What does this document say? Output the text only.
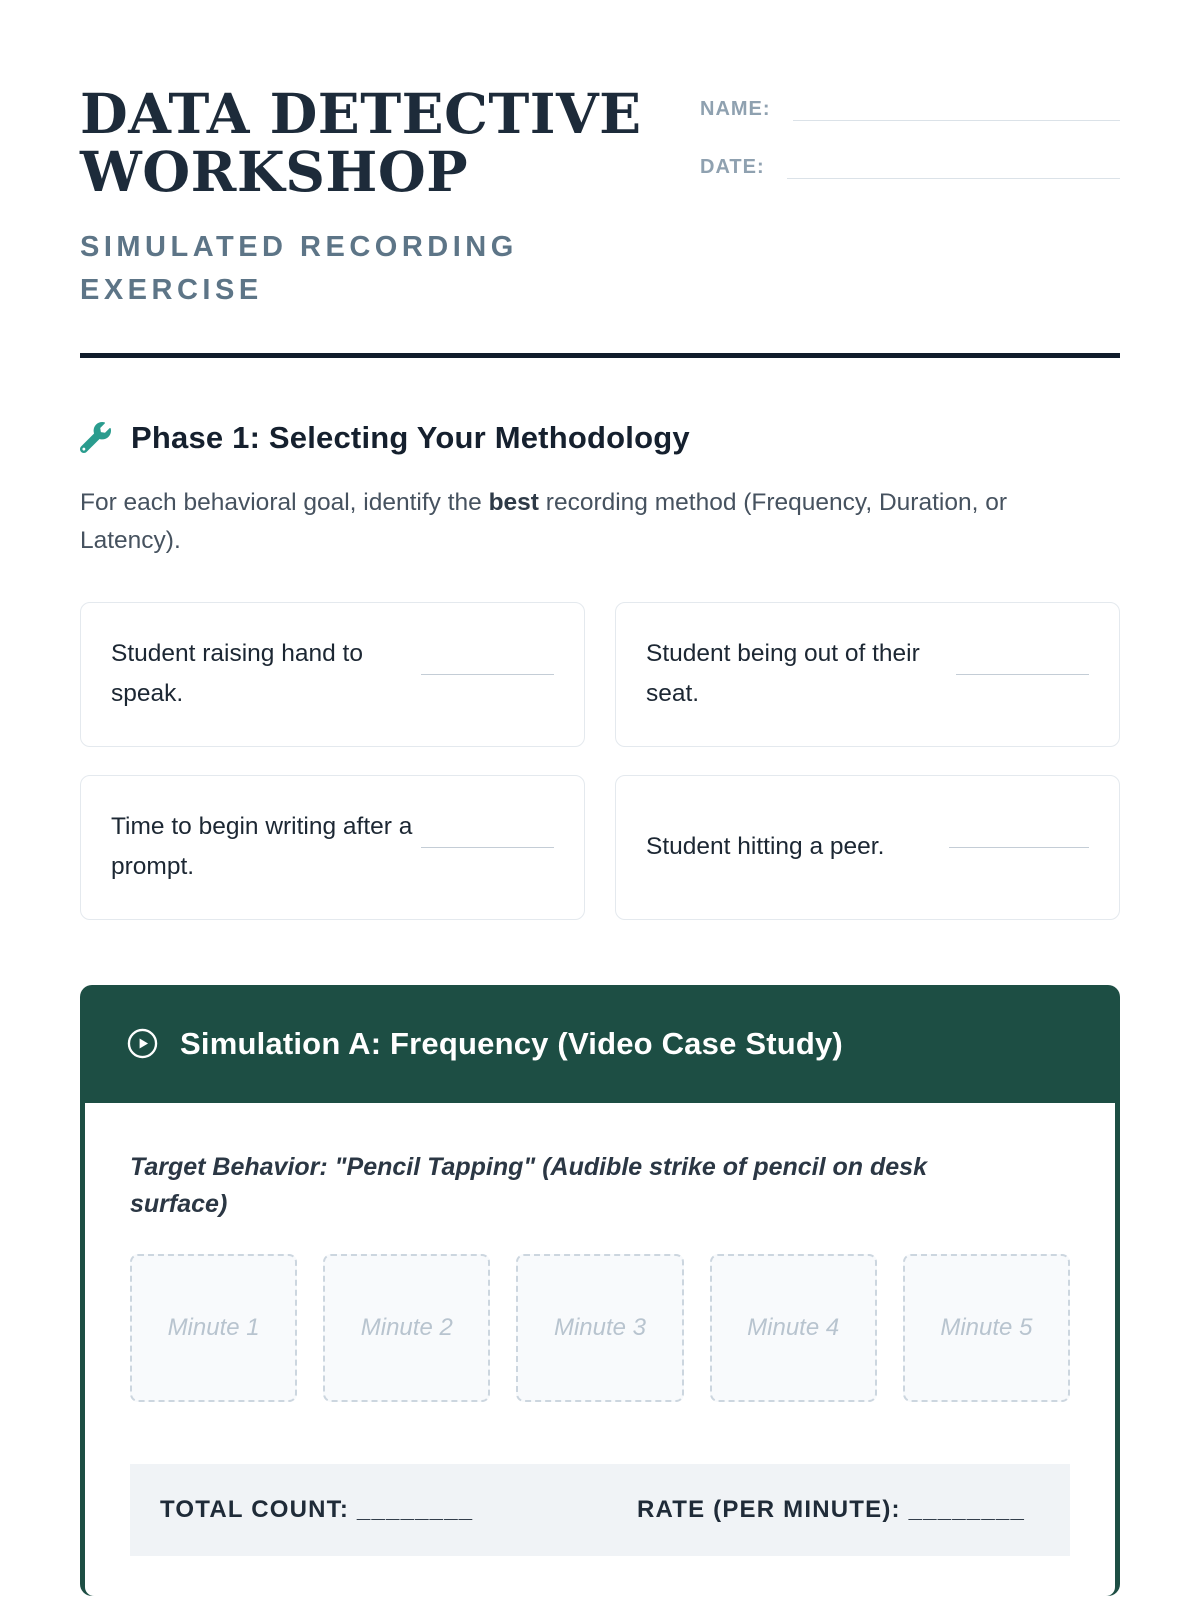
DATA DETECTIVE WORKSHOP
SIMULATED RECORDING EXERCISE
NAME:
DATE:
Phase 1: Selecting Your Methodology

For each behavioral goal, identify the best recording method (Frequency, Duration, or Latency).

Student raising hand to speak.
Student being out of their seat.
Time to begin writing after a prompt.
Student hitting a peer.
Simulation A: Frequency (Video Case Study)
Target Behavior: "Pencil Tapping" (Audible strike of pencil on desk surface)
Minute 1	Minute 2	Minute 3	Minute 4	Minute 5
TOTAL COUNT: ________	RATE (PER MINUTE): ________
